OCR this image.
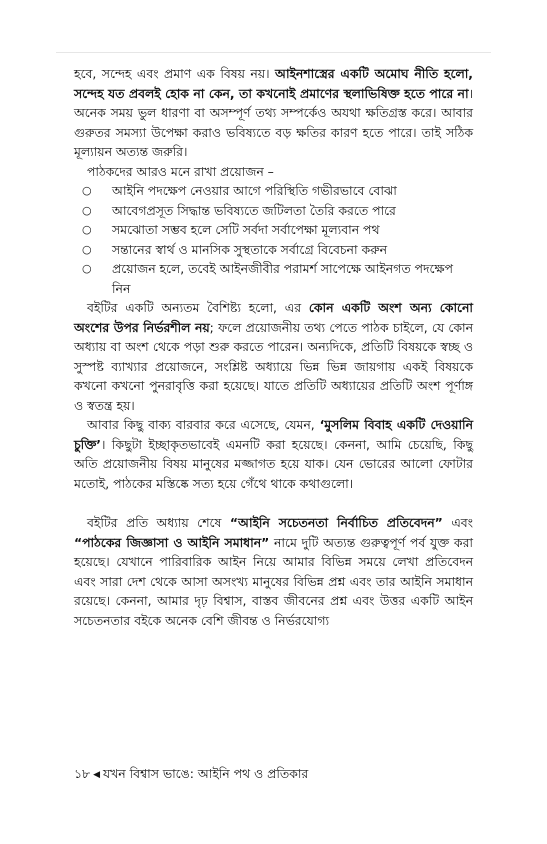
হবে, সন্দেহ এবং প্রমাণ এক বিষয় নয়। আইনশাস্ত্রের একটি অমোঘ নীতি হলো, সন্দেহ যত প্রবলই হোক না কেন, তা কখনোই প্রমাণের স্থলাভিষিক্ত হতে পারে না। অনেক সময় ভুল ধারণা বা অসম্পূর্ণ তথ্য সম্পর্কেও অযথা ক্ষতিগ্রস্ত করে। আবার গুরুতর সমস্যা উপেক্ষা করাও ভবিষ্যতে বড় ক্ষতির কারণ হতে পারে। তাই সঠিক মূল্যায়ন অত্যন্ত জরুরি।

পাঠকদের আরও মনে রাখা প্রয়োজন –

○ আইনি পদক্ষেপ নেওয়ার আগে পরিস্থিতি গভীরভাবে বোঝা
○ আবেগপ্রসূত সিদ্ধান্ত ভবিষ্যতে জটিলতা তৈরি করতে পারে
○ সমঝোতা সম্ভব হলে সেটি সর্বদা সর্বাপেক্ষা মূল্যবান পথ
○ সন্তানের স্বার্থ ও মানসিক সুস্থতাকে সর্বাগ্রে বিবেচনা করুন
○ প্রয়োজন হলে, তবেই আইনজীবীর পরামর্শ সাপেক্ষে আইনগত পদক্ষেপ নিন

বইটির একটি অন্যতম বৈশিষ্ট্য হলো, এর কোন একটি অংশ অন্য কোনো অংশের উপর নির্ভরশীল নয়; ফলে প্রয়োজনীয় তথ্য পেতে পাঠক চাইলে, যে কোন অধ্যায় বা অংশ থেকে পড়া শুরু করতে পারেন। অন্যদিকে, প্রতিটি বিষয়কে স্বচ্ছ ও সুস্পষ্ট ব্যাখ্যার প্রয়োজনে, সংশ্লিষ্ট অধ্যায়ে ভিন্ন ভিন্ন জায়গায় একই বিষয়কে কখনো কখনো পুনরাবৃত্তি করা হয়েছে। যাতে প্রতিটি অধ্যায়ের প্রতিটি অংশ পূর্ণাঙ্গ ও স্বতন্ত্র হয়।

আবার কিছু বাক্য বারবার করে এসেছে, যেমন, ‘মুসলিম বিবাহ একটি দেওয়ানি চুক্তি’। কিছুটা ইচ্ছাকৃতভাবেই এমনটি করা হয়েছে। কেননা, আমি চেয়েছি, কিছু অতি প্রয়োজনীয় বিষয় মানুষের মজ্জাগত হয়ে যাক। যেন ভোরের আলো ফোটার মতোই, পাঠকের মস্তিষ্কে সত্য হয়ে গেঁথে থাকে কথাগুলো।

বইটির প্রতি অধ্যায় শেষে “আইনি সচেতনতা নির্বাচিত প্রতিবেদন” এবং “পাঠকের জিজ্ঞাসা ও আইনি সমাধান” নামে দুটি অত্যন্ত গুরুত্বপূর্ণ পর্ব যুক্ত করা হয়েছে। যেখানে পারিবারিক আইন নিয়ে আমার বিভিন্ন সময়ে লেখা প্রতিবেদন এবং সারা দেশ থেকে আসা অসংখ্য মানুষের বিভিন্ন প্রশ্ন এবং তার আইনি সমাধান রয়েছে। কেননা, আমার দৃঢ় বিশ্বাস, বাস্তব জীবনের প্রশ্ন এবং উত্তর একটি আইন সচেতনতার বইকে অনেক বেশি জীবন্ত ও নির্ভরযোগ্য

১৮ ◀ যখন বিশ্বাস ভাঙে: আইনি পথ ও প্রতিকার
